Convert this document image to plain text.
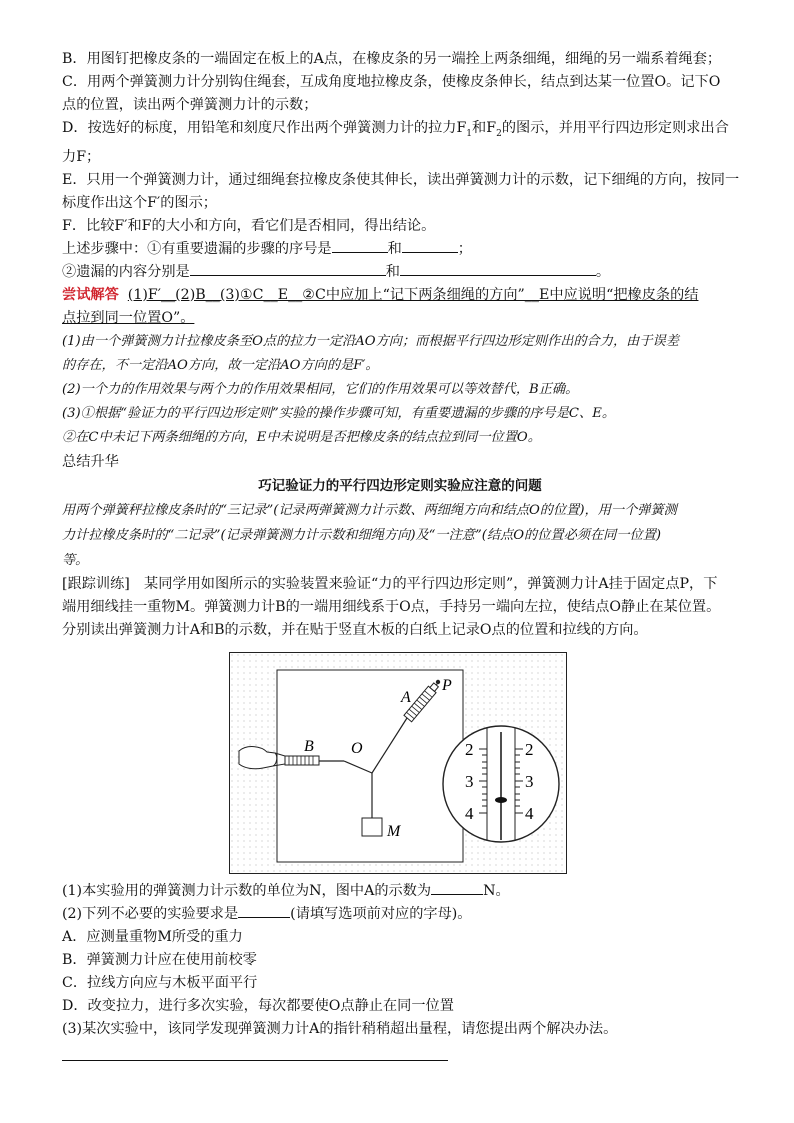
B．用图钉把橡皮条的一端固定在板上的A点，在橡皮条的另一端拴上两条细绳，细绳的另一端系着绳套；
C．用两个弹簧测力计分别钩住绳套，互成角度地拉橡皮条，使橡皮条伸长，结点到达某一位置O。记下O
点的位置，读出两个弹簧测力计的示数；
D．按选好的标度，用铅笔和刻度尺作出两个弹簧测力计的拉力$F_1$和$F_2$的图示，并用平行四边形定则求出合
力F；
E．只用一个弹簧测力计，通过细绳套拉橡皮条使其伸长，读出弹簧测力计的示数，记下细绳的方向，按同一
标度作出这个F′的图示；
F．比较F′和F的大小和方向，看它们是否相同，得出结论。
上述步骤中：①有重要遗漏的步骤的序号是	和	；
②遗漏的内容分别是	和	。
尝试解答 (1)F′__(2)B__(3)①C__E__②C中应加上“记下两条细绳的方向”__E中应说明“把橡皮条的结
点拉到同一位置O”。
(1)由一个弹簧测力计拉橡皮条至O点的拉力一定沿AO方向；而根据平行四边形定则作出的合力，由于误差
的存在，不一定沿AO方向，故一定沿AO方向的是F′。
(2)一个力的作用效果与两个力的作用效果相同，它们的作用效果可以等效替代，B正确。
(3)①根据“验证力的平行四边形定则”实验的操作步骤可知，有重要遗漏的步骤的序号是C、E。
②在C中未记下两条细绳的方向，E中未说明是否把橡皮条的结点拉到同一位置O。
总结升华
巧记验证力的平行四边形定则实验应注意的问题
用两个弹簧秤拉橡皮条时的“三记录”(记录两弹簧测力计示数、两细绳方向和结点O的位置)，用一个弹簧测
力计拉橡皮条时的“二记录”(记录弹簧测力计示数和细绳方向)及“一注意”(结点O的位置必须在同一位置)
等。
[跟踪训练]　某同学用如图所示的实验装置来验证“力的平行四边形定则”，弹簧测力计A挂于固定点P，下
端用细线挂一重物M。弹簧测力计B的一端用细线系于O点，手持另一端向左拉，使结点O静止在某位置。
分别读出弹簧测力计A和B的示数，并在贴于竖直木板的白纸上记录O点的位置和拉线的方向。
2	2
3	3
4	4
A
P
B O
M
(1)本实验用的弹簧测力计示数的单位为N，图中A的示数为	N。
(2)下列不必要的实验要求是	(请填写选项前对应的字母)。
A．应测量重物M所受的重力
B．弹簧测力计应在使用前校零
C．拉线方向应与木板平面平行
D．改变拉力，进行多次实验，每次都要使O点静止在同一位置
(3)某次实验中，该同学发现弹簧测力计A的指针稍稍超出量程，请您提出两个解决办法。
